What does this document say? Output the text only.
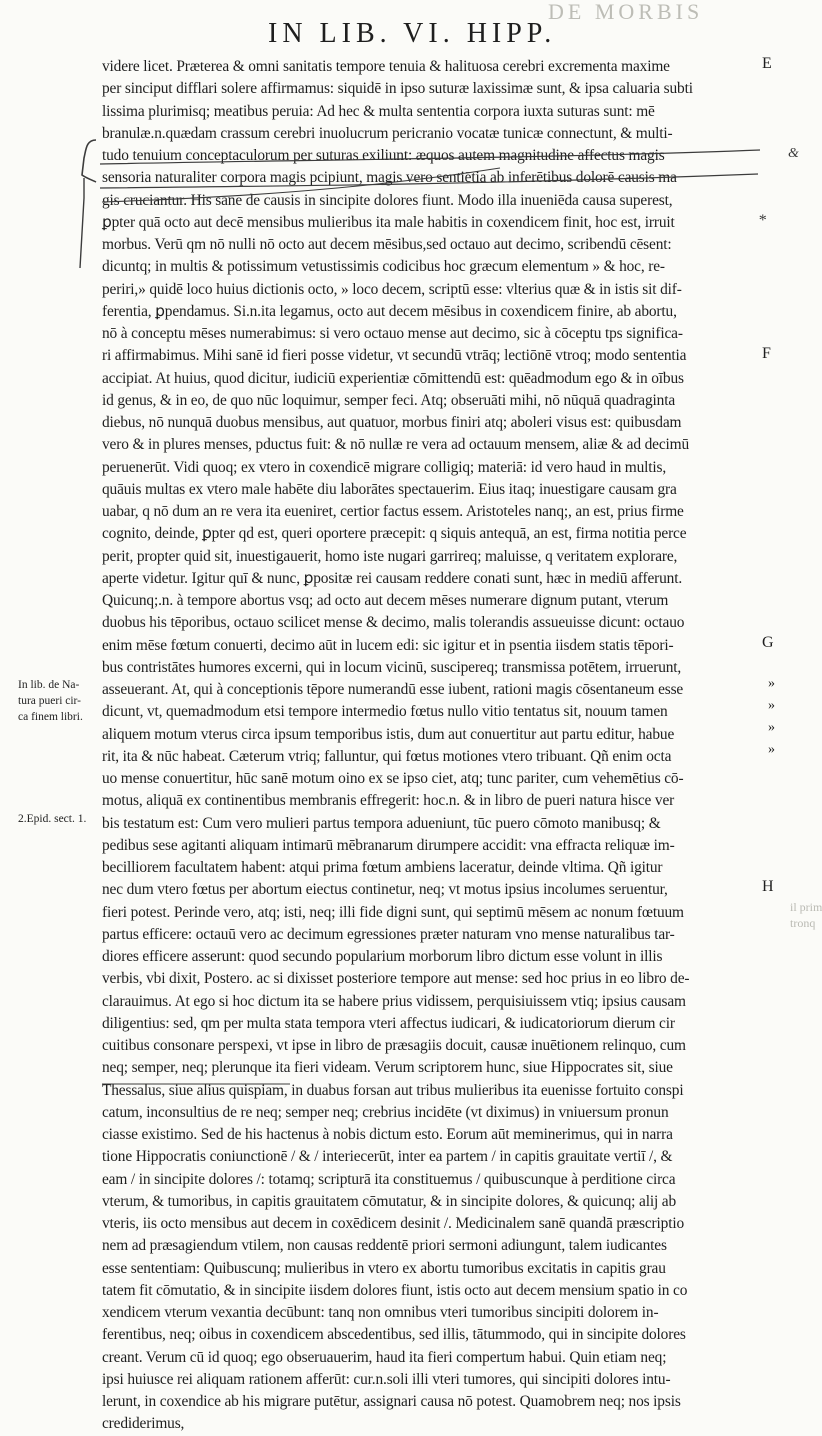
IN LIB. VI. HIPP.
DE MORBIS
videre licet. Præterea & omni sanitatis tempore tenuia & halituosa cerebri excrementa maxime
per sinciput difflari solere affirmamus: siquidē in ipso suturæ laxissimæ sunt, & ipsa caluaria subti
lissima plurimisq; meatibus peruia: Ad hec & multa sententia corpora iuxta suturas sunt: mē
branulæ.n.quædam crassum cerebri inuolucrum pericranio vocatæ tunicæ connectunt, & multi-
tudo tenuium conceptaculorum per suturas exiliunt: æquos autem magnitudine affectus magis
sensoria naturaliter corpora magis pcipiunt, magis vero sentiētia ab inferētibus dolorē causis ma
gis cruciantur. His sanē de causis in sincipite dolores fiunt. Modo illa inueniēda causa superest,
ꝑpter quā octo aut decē mensibus mulieribus ita male habitis in coxendicem finit, hoc est, irruit
morbus. Verū qm nō nulli nō octo aut decem mēsibus,sed octauo aut decimo, scribendū cēsent:
dicuntq; in multis & potissimum vetustissimis codicibus hoc græcum elementum » & hoc, re-
periri,» quidē loco huius dictionis octo, » loco decem, scriptū esse: vlterius quæ & in istis sit dif-
ferentia, ꝑpendamus. Si.n.ita legamus, octo aut decem mēsibus in coxendicem finire, ab abortu,
nō à conceptu mēses numerabimus: si vero octauo mense aut decimo, sic à cōceptu tps significa-
ri affirmabimus. Mihi sanē id fieri posse videtur, vt secundū vtrāq; lectiōnē vtroq; modo sententia
accipiat. At huius, quod dicitur, iudiciū experientiæ cōmittendū est: quēadmodum ego & in oībus
id genus, & in eo, de quo nūc loquimur, semper feci. Atq; obseruāti mihi, nō nūquā quadraginta
diebus, nō nunquā duobus mensibus, aut quatuor, morbus finiri atq; aboleri visus est: quibusdam
vero & in plures menses, pductus fuit: & nō nullæ re vera ad octauum mensem, aliæ & ad decimū
peruenerūt. Vidi quoq; ex vtero in coxendicē migrare colligiq; materiā: id vero haud in multis,
quāuis multas ex vtero male habēte diu laborātes spectauerim. Eius itaq; inuestigare causam gra
uabar, q nō dum an re vera ita eueniret, certior factus essem. Aristoteles nanq;, an est, prius firme
cognito, deinde, ꝑpter qd est, queri oportere præcepit: q siquis antequā, an est, firma notitia perce
perit, propter quid sit, inuestigauerit, homo iste nugari garrireq; maluisse, q veritatem explorare,
aperte videtur. Igitur quī & nunc, ꝑpositæ rei causam reddere conati sunt, hæc in mediū afferunt.
Quicunq;.n. à tempore abortus vsq; ad octo aut decem mēses numerare dignum putant, vterum
duobus his tēporibus, octauo scilicet mense & decimo, malis tolerandis assueuisse dicunt: octauo
enim mēse fœtum conuerti, decimo aūt in lucem edi: sic igitur et in psentia iisdem statis tēpori-
bus contristātes humores excerni, qui in locum vicinū, suscipereq; transmissa potētem, irruerunt,
asseuerant. At, qui à conceptionis tēpore numerandū esse iubent, rationi magis cōsentaneum esse
dicunt, vt, quemadmodum etsi tempore intermedio fœtus nullo vitio tentatus sit, nouum tamen
aliquem motum vterus circa ipsum temporibus istis, dum aut conuertitur aut partu editur, habue
rit, ita & nūc habeat. Cæterum vtriq; falluntur, qui fœtus motiones vtero tribuant. Qñ enim octa
uo mense conuertitur, hūc sanē motum oino ex se ipso ciet, atq; tunc pariter, cum vehemētius cō-
motus, aliquā ex continentibus membranis effregerit: hoc.n. & in libro de pueri natura hisce ver
bis testatum est: Cum vero mulieri partus tempora adueniunt, tūc puero cōmoto manibusq; &
pedibus sese agitanti aliquam intimarū mēbranarum dirumpere accidit: vna effracta reliquæ im-
becilliorem facultatem habent: atqui prima fœtum ambiens laceratur, deinde vltima. Qñ igitur
nec dum vtero fœtus per abortum eiectus continetur, neq; vt motus ipsius incolumes seruentur,
fieri potest. Perinde vero, atq; isti, neq; illi fide digni sunt, qui septimū mēsem ac nonum fœtuum
partus efficere: octauū vero ac decimum egressiones præter naturam vno mense naturalibus tar-
diores efficere asserunt: quod secundo popularium morborum libro dictum esse volunt in illis
verbis, vbi dixit, Postero. ac si dixisset posteriore tempore aut mense: sed hoc prius in eo libro de-
clarauimus. At ego si hoc dictum ita se habere prius vidissem, perquisiuissem vtiq; ipsius causam
diligentius: sed, qm per multa stata tempora vteri affectus iudicari, & iudicatoriorum dierum cir
cuitibus consonare perspexi, vt ipse in libro de præsagiis docuit, causæ inuētionem relinquo, cum
neq; semper, neq; plerunque ita fieri videam. Verum scriptorem hunc, siue Hippocrates sit, siue
Thessalus, siue alius quispiam, in duabus forsan aut tribus mulieribus ita euenisse fortuito conspi
catum, inconsultius de re neq; semper neq; crebrius incidēte (vt diximus) in vniuersum pronun
ciasse existimo. Sed de his hactenus à nobis dictum esto. Eorum aūt meminerimus, qui in narra
tione Hippocratis coniunctionē / & / interiecerūt, inter ea partem / in capitis grauitate vertiī /, &
eam / in sincipite dolores /: totamq; scripturā ita constituemus / quibuscunque à perditione circa
vterum, & tumoribus, in capitis grauitatem cōmutatur, & in sincipite dolores, & quicunq; alij ab
vteris, iis octo mensibus aut decem in coxēdicem desinit /. Medicinalem sanē quandā præscriptio
nem ad præsagiendum vtilem, non causas reddentē priori sermoni adiungunt, talem iudicantes
esse sententiam: Quibuscunq; mulieribus in vtero ex abortu tumoribus excitatis in capitis grau
tatem fit cōmutatio, & in sincipite iisdem dolores fiunt, istis octo aut decem mensium spatio in co
xendicem vterum vexantia decūbunt: tanq non omnibus vteri tumoribus sincipiti dolorem in-
ferentibus, neq; oibus in coxendicem abscedentibus, sed illis, tātummodo, qui in sincipite dolores
creant. Verum cū id quoq; ego obseruauerim, haud ita fieri compertum habui. Quin etiam neq;
ipsi huiusce rei aliquam rationem afferūt: cur.n.soli illi vteri tumores, qui sincipiti dolores intu-
lerunt, in coxendice ab his migrare putētur, assignari causa nō potest. Quamobrem neq; nos ipsis
crediderimus,
In lib. de Na-
tura pueri cir-
ca finem libri.
2.Epid. sect. 1.
E
F
G
H
»
»
»
»
*
&
il prim
tronq
